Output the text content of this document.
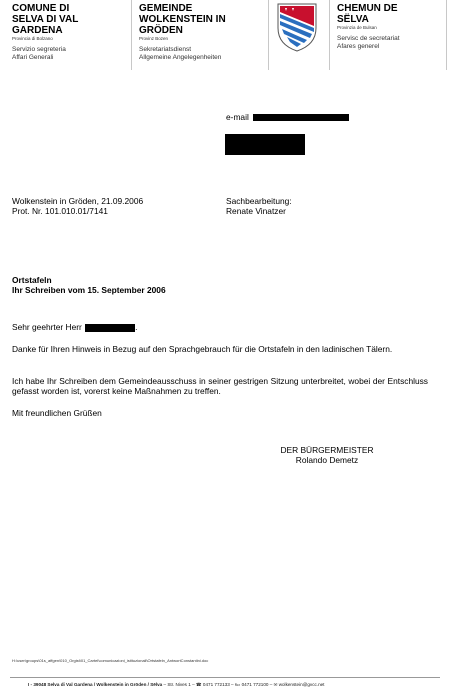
COMUNE DI
SELVA DI VAL GARDENA
Provincia di Bolzano
Servizio segreteria
Affari Generali
GEMEINDE
WOLKENSTEIN IN GRÖDEN
Provinz Bozen
Sekretariatsdienst
Allgemeine Angelegenheiten
CHEMUN DE
SËLVA
Provinzia de Bulsan
Servisc de secretariat
Afares generel
e-mail
Wolkenstein in Gröden, 21.09.2006
Prot. Nr. 101.010.01/7141
Sachbearbeitung:
Renate Vinatzer
Ortstafeln
Ihr Schreiben vom 15. September 2006
Sehr geehrter Herr	.
Danke für Ihren Hinweis in Bezug auf den Sprachgebrauch für die Ortstafeln in den ladinischen Tälern.
Ich habe Ihr Schreiben dem Gemeindeausschuss in seiner gestrigen Sitzung unterbreitet, wobei der Entschluss gefasst worden ist, vorerst keine Maßnahmen zu treffen.
Mit freundlichen Grüßen
DER BÜRGERMEISTER
Rolando Demetz
H:\user\groups\01s_affgen\010_Orgist\01_Cartel\comunicazioni_istituzionali\Ortstafeln_AntwortConstantini.doc
I - 39048 Selva di Val Gardena / Wolkenstein in Gröden / Sëlva – Str. Nives 1 – ☎ 0471 772133 – ℻ 0471 772100 – ✉ wolkenstein@gvcc.net
